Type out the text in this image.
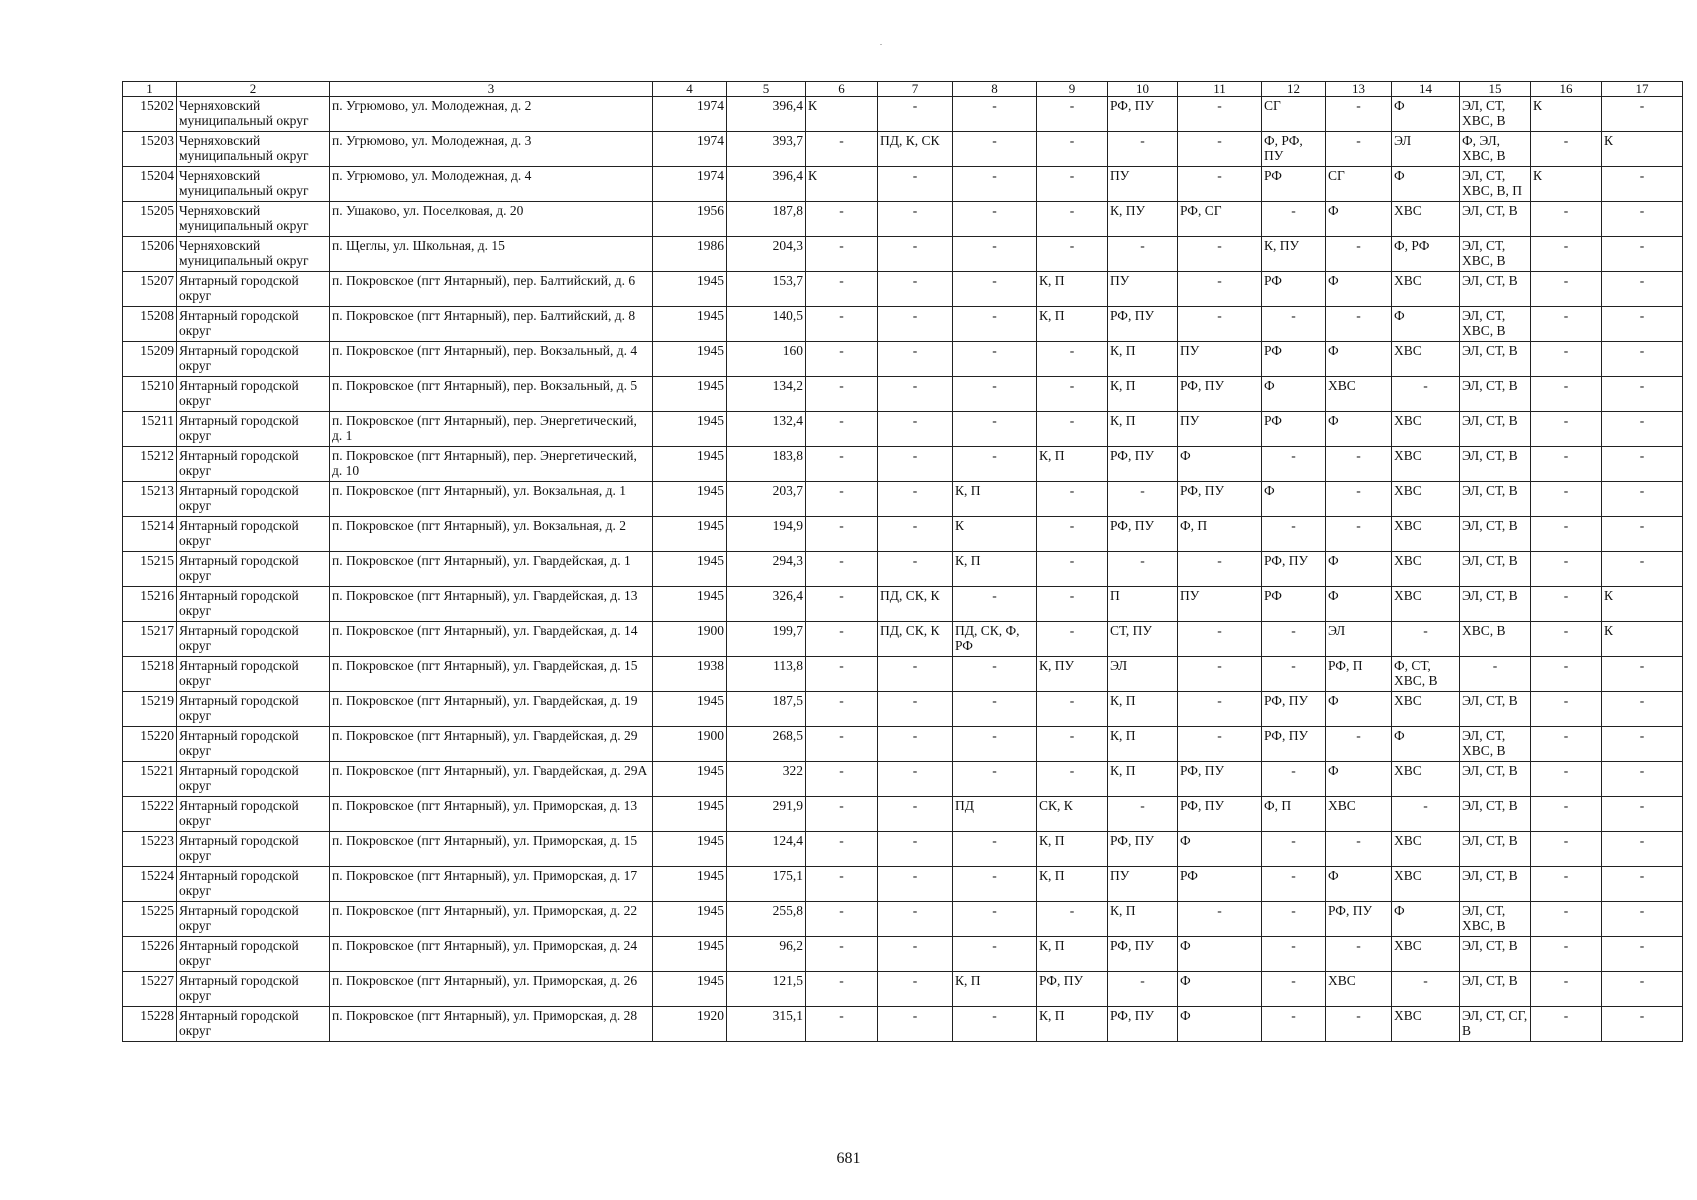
1	2	3	4	5	6	7	8	9	10	11	12	13	14	15	16	17
15202	Черняховский муниципальный округ	п. Угрюмово, ул. Молодежная, д. 2	1974	396,4	К	-	-	-	РФ, ПУ	-	СГ	-	Ф	ЭЛ, СТ, ХВС, В	К	-
15203	Черняховский муниципальный округ	п. Угрюмово, ул. Молодежная, д. 3	1974	393,7	-	ПД, К, СК	-	-	-	-	Ф, РФ, ПУ	-	ЭЛ	Ф, ЭЛ, ХВС, В	-	К
15204	Черняховский муниципальный округ	п. Угрюмово, ул. Молодежная, д. 4	1974	396,4	К	-	-	-	ПУ	-	РФ	СГ	Ф	ЭЛ, СТ, ХВС, В, П	К	-
15205	Черняховский муниципальный округ	п. Ушаково, ул. Поселковая, д. 20	1956	187,8	-	-	-	-	К, ПУ	РФ, СГ	-	Ф	ХВС	ЭЛ, СТ, В	-	-
15206	Черняховский муниципальный округ	п. Щеглы, ул. Школьная, д. 15	1986	204,3	-	-	-	-	-	-	К, ПУ	-	Ф, РФ	ЭЛ, СТ, ХВС, В	-	-
15207	Янтарный городской округ	п. Покровское (пгт Янтарный), пер. Балтийский, д. 6	1945	153,7	-	-	-	К, П	ПУ	-	РФ	Ф	ХВС	ЭЛ, СТ, В	-	-
15208	Янтарный городской округ	п. Покровское (пгт Янтарный), пер. Балтийский, д. 8	1945	140,5	-	-	-	К, П	РФ, ПУ	-	-	-	Ф	ЭЛ, СТ, ХВС, В	-	-
15209	Янтарный городской округ	п. Покровское (пгт Янтарный), пер. Вокзальный, д. 4	1945	160	-	-	-	-	К, П	ПУ	РФ	Ф	ХВС	ЭЛ, СТ, В	-	-
15210	Янтарный городской округ	п. Покровское (пгт Янтарный), пер. Вокзальный, д. 5	1945	134,2	-	-	-	-	К, П	РФ, ПУ	Ф	ХВС	-	ЭЛ, СТ, В	-	-
15211	Янтарный городской округ	п. Покровское (пгт Янтарный), пер. Энергетический, д. 1	1945	132,4	-	-	-	-	К, П	ПУ	РФ	Ф	ХВС	ЭЛ, СТ, В	-	-
15212	Янтарный городской округ	п. Покровское (пгт Янтарный), пер. Энергетический, д. 10	1945	183,8	-	-	-	К, П	РФ, ПУ	Ф	-	-	ХВС	ЭЛ, СТ, В	-	-
15213	Янтарный городской округ	п. Покровское (пгт Янтарный), ул. Вокзальная, д. 1	1945	203,7	-	-	К, П	-	-	РФ, ПУ	Ф	-	ХВС	ЭЛ, СТ, В	-	-
15214	Янтарный городской округ	п. Покровское (пгт Янтарный), ул. Вокзальная, д. 2	1945	194,9	-	-	К	-	РФ, ПУ	Ф, П	-	-	ХВС	ЭЛ, СТ, В	-	-
15215	Янтарный городской округ	п. Покровское (пгт Янтарный), ул. Гвардейская, д. 1	1945	294,3	-	-	К, П	-	-	-	РФ, ПУ	Ф	ХВС	ЭЛ, СТ, В	-	-
15216	Янтарный городской округ	п. Покровское (пгт Янтарный), ул. Гвардейская, д. 13	1945	326,4	-	ПД, СК, К	-	-	П	ПУ	РФ	Ф	ХВС	ЭЛ, СТ, В	-	К
15217	Янтарный городской округ	п. Покровское (пгт Янтарный), ул. Гвардейская, д. 14	1900	199,7	-	ПД, СК, К	ПД, СК, Ф, РФ	-	СТ, ПУ	-	-	ЭЛ	-	ХВС, В	-	К
15218	Янтарный городской округ	п. Покровское (пгт Янтарный), ул. Гвардейская, д. 15	1938	113,8	-	-	-	К, ПУ	ЭЛ	-	-	РФ, П	Ф, СТ, ХВС, В	-	-	-
15219	Янтарный городской округ	п. Покровское (пгт Янтарный), ул. Гвардейская, д. 19	1945	187,5	-	-	-	-	К, П	-	РФ, ПУ	Ф	ХВС	ЭЛ, СТ, В	-	-
15220	Янтарный городской округ	п. Покровское (пгт Янтарный), ул. Гвардейская, д. 29	1900	268,5	-	-	-	-	К, П	-	РФ, ПУ	-	Ф	ЭЛ, СТ, ХВС, В	-	-
15221	Янтарный городской округ	п. Покровское (пгт Янтарный), ул. Гвардейская, д. 29А	1945	322	-	-	-	-	К, П	РФ, ПУ	-	Ф	ХВС	ЭЛ, СТ, В	-	-
15222	Янтарный городской округ	п. Покровское (пгт Янтарный), ул. Приморская, д. 13	1945	291,9	-	-	ПД	СК, К	-	РФ, ПУ	Ф, П	ХВС	-	ЭЛ, СТ, В	-	-
15223	Янтарный городской округ	п. Покровское (пгт Янтарный), ул. Приморская, д. 15	1945	124,4	-	-	-	К, П	РФ, ПУ	Ф	-	-	ХВС	ЭЛ, СТ, В	-	-
15224	Янтарный городской округ	п. Покровское (пгт Янтарный), ул. Приморская, д. 17	1945	175,1	-	-	-	К, П	ПУ	РФ	-	Ф	ХВС	ЭЛ, СТ, В	-	-
15225	Янтарный городской округ	п. Покровское (пгт Янтарный), ул. Приморская, д. 22	1945	255,8	-	-	-	-	К, П	-	-	РФ, ПУ	Ф	ЭЛ, СТ, ХВС, В	-	-
15226	Янтарный городской округ	п. Покровское (пгт Янтарный), ул. Приморская, д. 24	1945	96,2	-	-	-	К, П	РФ, ПУ	Ф	-	-	ХВС	ЭЛ, СТ, В	-	-
15227	Янтарный городской округ	п. Покровское (пгт Янтарный), ул. Приморская, д. 26	1945	121,5	-	-	К, П	РФ, ПУ	-	Ф	-	ХВС	-	ЭЛ, СТ, В	-	-
15228	Янтарный городской округ	п. Покровское (пгт Янтарный), ул. Приморская, д. 28	1920	315,1	-	-	-	К, П	РФ, ПУ	Ф	-	-	ХВС	ЭЛ, СТ, СГ, В	-	-
681
